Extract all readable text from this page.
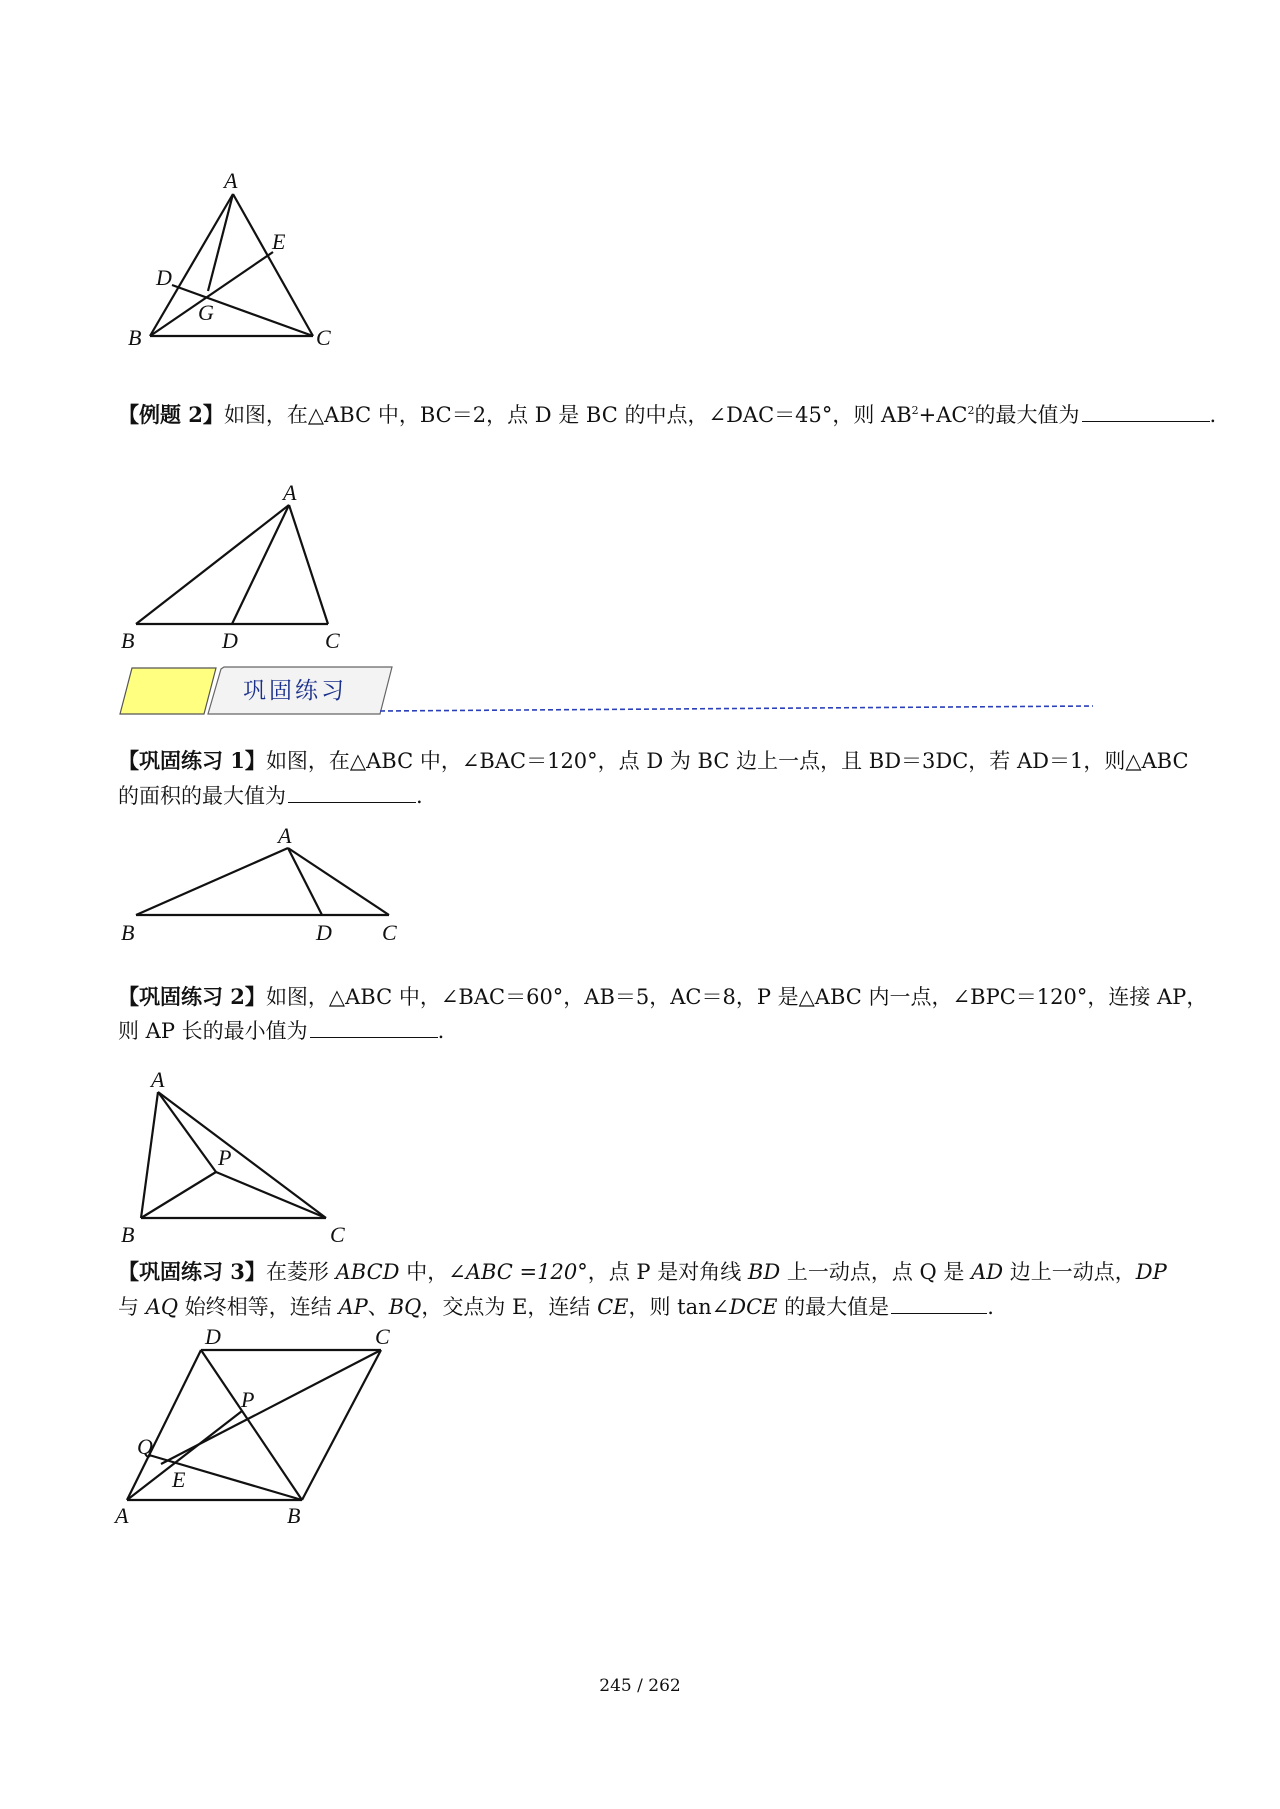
A
E
D
G
B	C
【例题 2】如图，在△ABC 中，BC＝2，点 D 是 BC 的中点，∠DAC＝45°，则 $AB^2+AC^2$的最大值为	.
A
B	D	C
巩固练习
【巩固练习 1】如图，在△ABC 中，∠BAC＝120°，点 D 为 BC 边上一点，且 BD＝3DC，若 AD＝1，则△ABC
的面积的最大值为	.
A
B	D C
【巩固练习 2】如图，△ABC 中，∠BAC＝60°，AB＝5，AC＝8，P 是△ABC 内一点，∠BPC＝120°，连接 AP，
则 AP 长的最小值为	.
A
P
B	C
【巩固练习 3】在菱形 ABCD 中，∠ABC =120°，点 P 是对角线 BD 上一动点，点 Q 是 AD 边上一动点，DP
与 AQ 始终相等，连结 AP、BQ，交点为 E，连结 CE，则 tan∠DCE 的最大值是	.
D	C
P
Q
E
A	B
245 / 262
